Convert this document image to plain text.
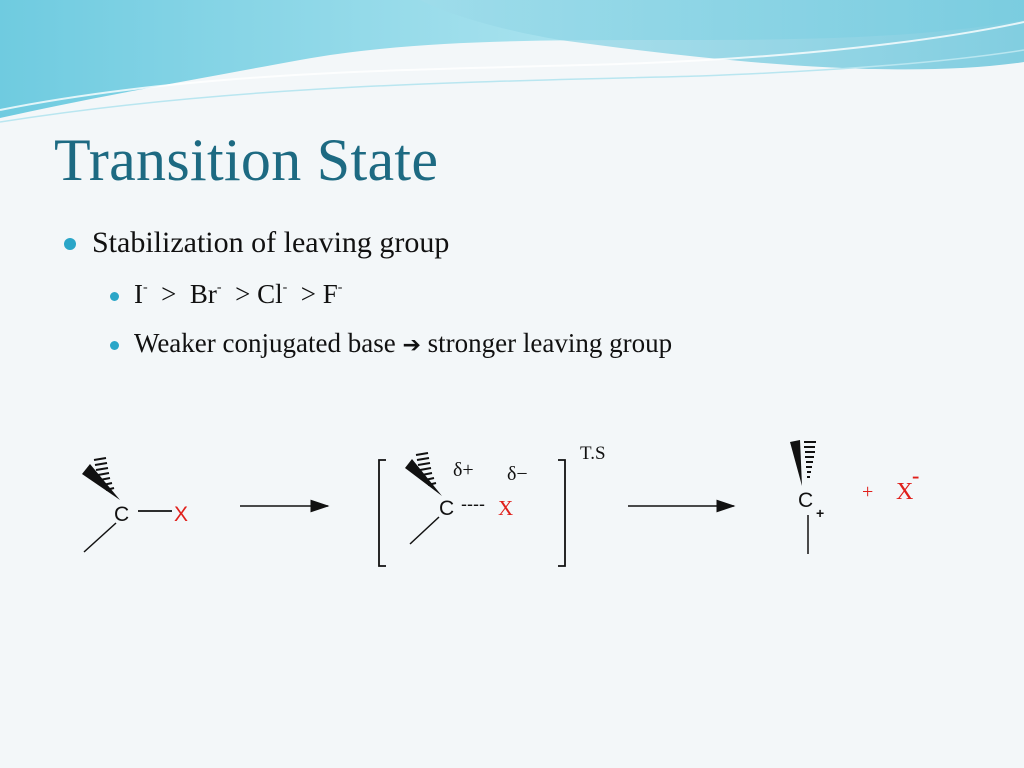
Transition State
Stabilization of leaving group
I- > Br- > Cl- > F-
Weaker conjugated base ➔ stronger leaving group
C X	C ---- X
δ+ δ−
T.S
C
+
+ X
-
